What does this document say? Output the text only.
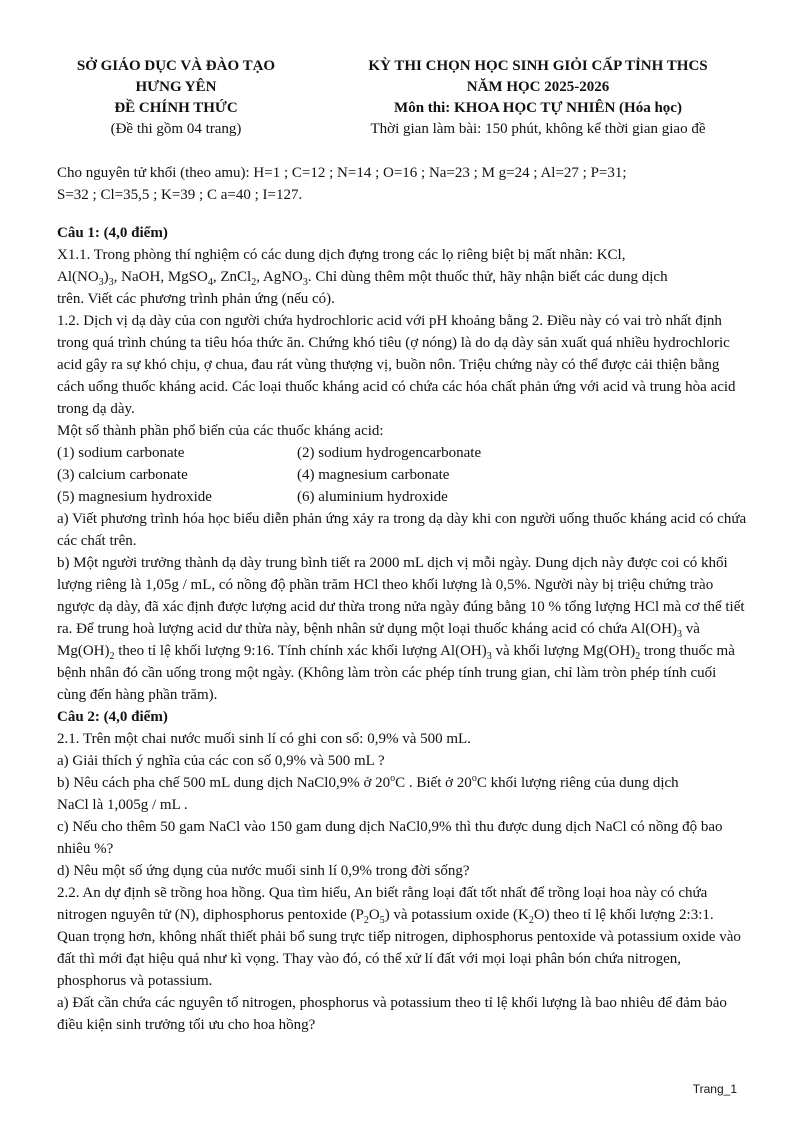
SỞ GIÁO DỤC VÀ ĐÀO TẠO
HƯNG YÊN
ĐỀ CHÍNH THỨC
(Đề thi gồm 04 trang)
KỲ THI CHỌN HỌC SINH GIỎI CẤP TỈNH THCS
NĂM HỌC 2025-2026
Môn thi: KHOA HỌC TỰ NHIÊN (Hóa học)
Thời gian làm bài: 150 phút, không kể thời gian giao đề

Cho nguyên tử khối (theo amu): H=1 ; C=12 ; N=14 ; O=16 ; Na=23 ; M g=24 ; Al=27 ; P=31;

S=32 ; Cl=35,5 ; K=39 ; C a=40 ; I=127.

Câu 1: (4,0 điểm)

X1.1. Trong phòng thí nghiệm có các dung dịch đựng trong các lọ riêng biệt bị mất nhãn: KCl,

$Al(NO_3)_3$, NaOH, MgSO$_4$, ZnCl$_2$, AgNO$_3$. Chỉ dùng thêm một thuốc thử, hãy nhận biết các dung dịch

trên. Viết các phương trình phản ứng (nếu có).

1.2. Dịch vị dạ dày của con người chứa hydrochloric acid với pH khoảng bằng 2. Điều này có vai trò nhất định trong quá trình chúng ta tiêu hóa thức ăn. Chứng khó tiêu (ợ nóng) là do dạ dày sản xuất quá nhiều hydrochloric acid gây ra sự khó chịu, ợ chua, đau rát vùng thượng vị, buồn nôn. Triệu chứng này có thể được cải thiện bằng cách uống thuốc kháng acid. Các loại thuốc kháng acid có chứa các hóa chất phản ứng với acid và trung hòa acid trong dạ dày.

Một số thành phần phổ biến của các thuốc kháng acid:

(1) sodium carbonate	(2) sodium hydrogencarbonate
(3) calcium carbonate	(4) magnesium carbonate
(5) magnesium hydroxide	(6) aluminium hydroxide

a) Viết phương trình hóa học biểu diễn phản ứng xảy ra trong dạ dày khi con người uống thuốc kháng acid có chứa các chất trên.

b) Một người trưởng thành dạ dày trung bình tiết ra 2000 mL dịch vị mỗi ngày. Dung dịch này được coi có khối lượng riêng là 1,05g / mL, có nồng độ phần trăm HCl theo khối lượng là 0,5%. Người này bị triệu chứng trào ngược dạ dày, đã xác định được lượng acid dư thừa trong nửa ngày đúng bằng 10 % tổng lượng HCl mà cơ thể tiết ra. Để trung hoà lượng acid dư thừa này, bệnh nhân sử dụng một loại thuốc kháng acid có chứa $Al(OH)_3$ và $Mg(OH)_2$ theo tỉ lệ khối lượng 9:16. Tính chính xác khối lượng $Al(OH)_3$ và khối lượng $Mg(OH)_2$ trong thuốc mà bệnh nhân đó cần uống trong một ngày. (Không làm tròn các phép tính trung gian, chỉ làm tròn phép tính cuối cùng đến hàng phần trăm).

Câu 2: (4,0 điểm)

2.1. Trên một chai nước muối sinh lí có ghi con số: 0,9% và 500 mL.

a) Giải thích ý nghĩa của các con số 0,9% và 500 mL ?

b) Nêu cách pha chế 500 mL dung dịch NaCl0,9% ở 20$^o$C . Biết ở 20$^o$C khối lượng riêng của dung dịch

NaCl là 1,005g / mL .

c) Nếu cho thêm 50 gam NaCl vào 150 gam dung dịch NaCl0,9% thì thu được dung dịch NaCl có nồng độ bao nhiêu %?

d) Nêu một số ứng dụng của nước muối sinh lí 0,9% trong đời sống?

2.2. An dự định sẽ trồng hoa hồng. Qua tìm hiểu, An biết rằng loại đất tốt nhất để trồng loại hoa này có chứa nitrogen nguyên tử (N), diphosphorus pentoxide $(P_2O_5)$ và potassium oxide $(K_2O)$ theo tỉ lệ khối lượng 2:3:1. Quan trọng hơn, không nhất thiết phải bổ sung trực tiếp nitrogen, diphosphorus pentoxide và potassium oxide vào đất thì mới đạt hiệu quả như kì vọng. Thay vào đó, có thể xử lí đất với mọi loại phân bón chứa nitrogen, phosphorus và potassium.

a) Đất cần chứa các nguyên tố nitrogen, phosphorus và potassium theo tỉ lệ khối lượng là bao nhiêu để đảm bảo điều kiện sinh trưởng tối ưu cho hoa hồng?

Trang_1
